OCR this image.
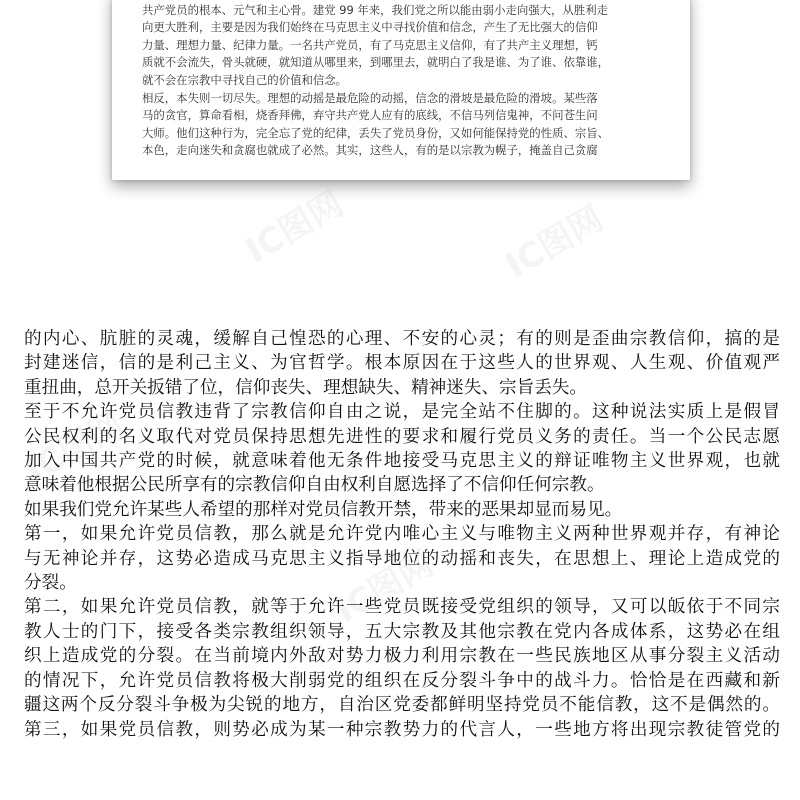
IC图网	IC图网
IC图网
IC图网

共产党员的根本、元气和主心骨。建党 99 年来，我们党之所以能由弱小走向强大，从胜利走

向更大胜利，主要是因为我们始终在马克思主义中寻找价值和信念，产生了无比强大的信仰

力量、理想力量、纪律力量。一名共产党员，有了马克思主义信仰，有了共产主义理想，钙

质就不会流失，骨头就硬，就知道从哪里来，到哪里去，就明白了我是谁、为了谁、依靠谁，

就不会在宗教中寻找自己的价值和信念。

相反，本失则一切尽失。理想的动摇是最危险的动摇，信念的滑坡是最危险的滑坡。某些落

马的贪官，算命看相，烧香拜佛，弃守共产党人应有的底线，不信马列信鬼神，不问苍生问

大师。他们这种行为，完全忘了党的纪律，丢失了党员身份，又如何能保持党的性质、宗旨、

本色，走向迷失和贪腐也就成了必然。其实，这些人，有的是以宗教为幌子，掩盖自己贪腐

的内心、肮脏的灵魂，缓解自己惶恐的心理、不安的心灵；有的则是歪曲宗教信仰，搞的是
封建迷信，信的是利己主义、为官哲学。根本原因在于这些人的世界观、人生观、价值观严
重扭曲，总开关扳错了位，信仰丧失、理想缺失、精神迷失、宗旨丢失。
至于不允许党员信教违背了宗教信仰自由之说，是完全站不住脚的。这种说法实质上是假冒
公民权利的名义取代对党员保持思想先进性的要求和履行党员义务的责任。当一个公民志愿
加入中国共产党的时候，就意味着他无条件地接受马克思主义的辩证唯物主义世界观，也就
意味着他根据公民所享有的宗教信仰自由权利自愿选择了不信仰任何宗教。
如果我们党允许某些人希望的那样对党员信教开禁，带来的恶果却显而易见。
第一，如果允许党员信教，那么就是允许党内唯心主义与唯物主义两种世界观并存，有神论
与无神论并存，这势必造成马克思主义指导地位的动摇和丧失，在思想上、理论上造成党的
分裂。
第二，如果允许党员信教，就等于允许一些党员既接受党组织的领导，又可以皈依于不同宗
教人士的门下，接受各类宗教组织领导，五大宗教及其他宗教在党内各成体系，这势必在组
织上造成党的分裂。在当前境内外敌对势力极力利用宗教在一些民族地区从事分裂主义活动
的情况下，允许党员信教将极大削弱党的组织在反分裂斗争中的战斗力。恰恰是在西藏和新
疆这两个反分裂斗争极为尖锐的地方，自治区党委都鲜明坚持党员不能信教，这不是偶然的。
第三，如果党员信教，则势必成为某一种宗教势力的代言人，一些地方将出现宗教徒管党的
